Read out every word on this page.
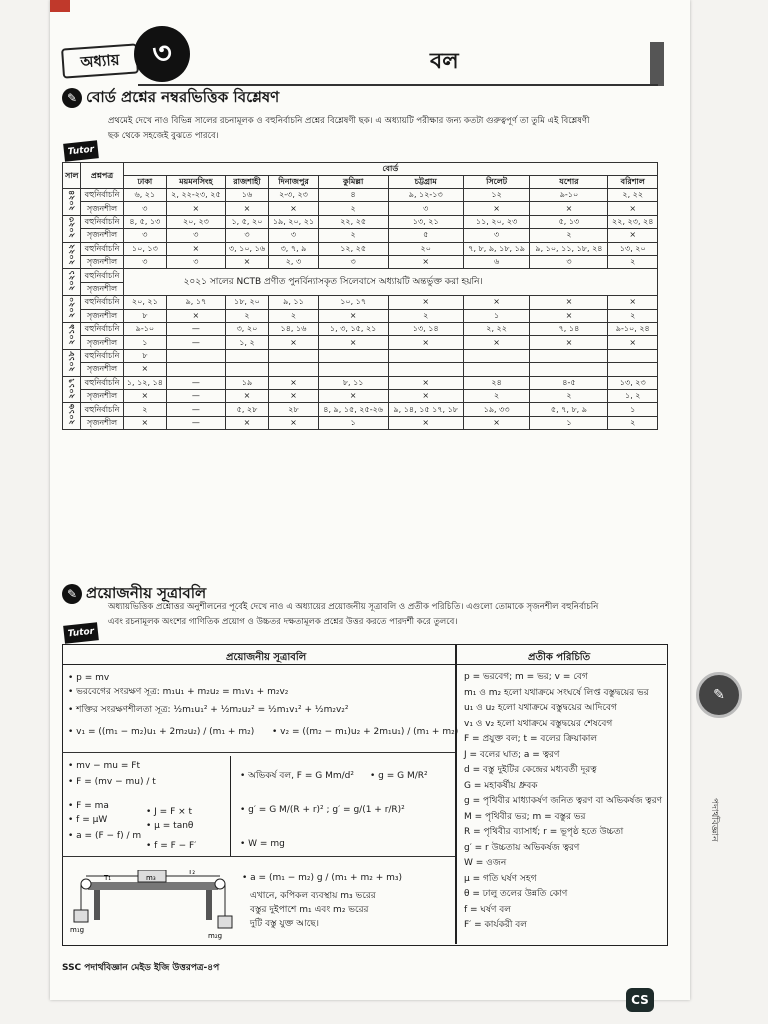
অধ্যায়	৩	বল
✎ বোর্ড প্রশ্নের নম্বরভিত্তিক বিশ্লেষণ
প্রথমেই দেখে নাও বিভিন্ন সালের রচনামূলক ও বহুনির্বাচনি প্রশ্নের বিশ্লেষণী ছক। এ অধ্যায়টি পরীক্ষার জন্য কতটা গুরুত্বপূর্ণ তা তুমি এই বিশ্লেষণী
ছক থেকে সহজেই বুঝতে পারবে।
Tutor
সাল	প্রশ্নপত্র	বোর্ড								
		ঢাকা	ময়মনসিংহ	রাজশাহী	দিনাজপুর	কুমিল্লা	চট্টগ্রাম	সিলেট	যশোর	বরিশাল
২০২৪	বহুনির্বাচনি	৬, ২১	২, ২২-২৩, ২৫	১৬	২-৩, ২৩	৪	৯, ১২-১৩	১২	৯-১০	২, ২২
	সৃজনশীল	৩	×	×	×	২	৩	×	×	×
২০২৩	বহুনির্বাচনি	৪, ৫, ১৩	২০, ২৩	১, ৫, ২০	১৯, ২০, ২১	২২, ২৫	১৩, ২১	১১, ২০, ২৩	৫, ১৩	২২, ২৩, ২৪
	সৃজনশীল	৩	৩	৩	৩	২	৫	৩	২	×
২০২২	বহুনির্বাচনি	১০, ১৩	×	৩, ১০, ১৬	৩, ৭, ৯	১২, ২৫	২০	৭, ৮, ৯, ১৮, ১৯	৯, ১০, ১১, ১৮, ২৪	১৩, ২০
	সৃজনশীল	৩	৩	×	২, ৩	৩	×	৬	৩	২
২০২১	বহুনির্বাচনি	২০২১ সালের NCTB প্রণীত পুনর্বিন্যাসকৃত সিলেবাসে অধ্যায়টি অন্তর্ভুক্ত করা হয়নি।								
	সৃজনশীল									
২০২০	বহুনির্বাচনি	২০, ২১	৯, ১৭	১৮, ২০	৯, ১১	১০, ১৭	×	×	×	×
	সৃজনশীল	৮	×	২	২	×	২	১	×	২
২০১৯	বহুনির্বাচনি	৯-১০	—	৩, ২০	১৪, ১৬	১, ৩, ১৫, ২১	১৩, ১৪	২, ২২	৭, ১৪	৯-১০, ২৪
	সৃজনশীল	১	—	১, ২	×	×	×	×	×	×
২০১৮	বহুনির্বাচনি	৮								
	সৃজনশীল	×								
২০১৭	বহুনির্বাচনি	১, ১২, ১৪	—	১৯	×	৮, ১১	×	২৪	৪-৫	১৩, ২৩
	সৃজনশীল	×	—	×	×	×	×	২	২	১, ২
২০১৬	বহুনির্বাচনি	২	—	৫, ২৮	২৮	৪, ৯, ১৫, ২৫-২৬	৯, ১৪, ১৫ ১৭, ১৮	১৯, ৩৩	৫, ৭, ৮, ৯	১
	সৃজনশীল	×	—	×	×	১	×	×	১	২
✎ প্রয়োজনীয় সূত্রাবলি
অধ্যায়ভিত্তিক প্রশ্নোত্তর অনুশীলনের পূর্বেই দেখে নাও এ অধ্যায়ের প্রয়োজনীয় সূত্রাবলি ও প্রতীক পরিচিতি। এগুলো তোমাকে সৃজনশীল বহুনির্বাচনি
এবং রচনামূলক অংশের গাণিতিক প্রয়োগ ও উচ্চতর দক্ষতামূলক প্রশ্নের উত্তর করতে পারদর্শী করে তুলবে।
Tutor
প্রয়োজনীয় সূত্রাবলি	প্রতীক পরিচিতি
• p = mv
• ভরবেগের সংরক্ষণ সূত্র: m₁u₁ + m₂u₂ = m₁v₁ + m₂v₂
• শক্তির সংরক্ষণশীলতা সূত্র: ½m₁u₁² + ½m₂u₂² = ½m₁v₁² + ½m₂v₂²
• v₁ = ((m₁ − m₂)u₁ + 2m₂u₂) / (m₁ + m₂) • v₂ = ((m₂ − m₁)u₂ + 2m₁u₁) / (m₁ + m₂)
• mv − mu = Ft
• F = (mv − mu) / t
• F = ma
• f = μW
• a = (F − f) / m
• J = F × t
• μ = tanθ
• f = F − F′
• অভিকর্ষ বল, F = G Mm/d² • g = G M/R²
• g′ = G M/(R + r)² ; g′ = g/(1 + r/R)²
• W = mg
• a = (m₁ − m₂) g / (m₁ + m₂ + m₃)
এখানে, কপিকল ব্যবস্থায় m₃ ভরের
বস্তুর দুইপাশে m₁ এবং m₂ ভরের
দুটি বস্তু যুক্ত আছে।
T₁
T₂
m₃
m₁g
m₂g
p = ভরবেগ; m = ভর; v = বেগ
m₁ ও m₂ হলো যথাক্রমে সংঘর্ষে লিপ্ত বস্তুদ্বয়ের ভর
u₁ ও u₂ হলো যথাক্রমে বস্তুদ্বয়ের আদিবেগ
v₁ ও v₂ হলো যথাক্রমে বস্তুদ্বয়ের শেষবেগ
F = প্রযুক্ত বল; t = বলের ক্রিয়াকাল
J = বলের ঘাত; a = ত্বরণ
d = বস্তু দুইটির কেন্দ্রের মধ্যবর্তী দূরত্ব
G = মহাকর্ষীয় ধ্রুবক
g = পৃথিবীর মাধ্যাকর্ষণ জনিত ত্বরণ বা অভিকর্ষজ ত্বরণ
M = পৃথিবীর ভর; m = বস্তুর ভর
R = পৃথিবীর ব্যাসার্ধ; r = ভূপৃষ্ঠ হতে উচ্চতা
g′ = r উচ্চতায় অভিকর্ষজ ত্বরণ
W = ওজন
μ = গতি ঘর্ষণ সহগ
θ = ঢালু তলের উন্নতি কোণ
f = ঘর্ষণ বল
F′ = কার্যকরী বল
SSC পদার্থবিজ্ঞান মেইড ইজি উত্তরপত্র-৪প
✎
পদার্থবিজ্ঞান
CS
